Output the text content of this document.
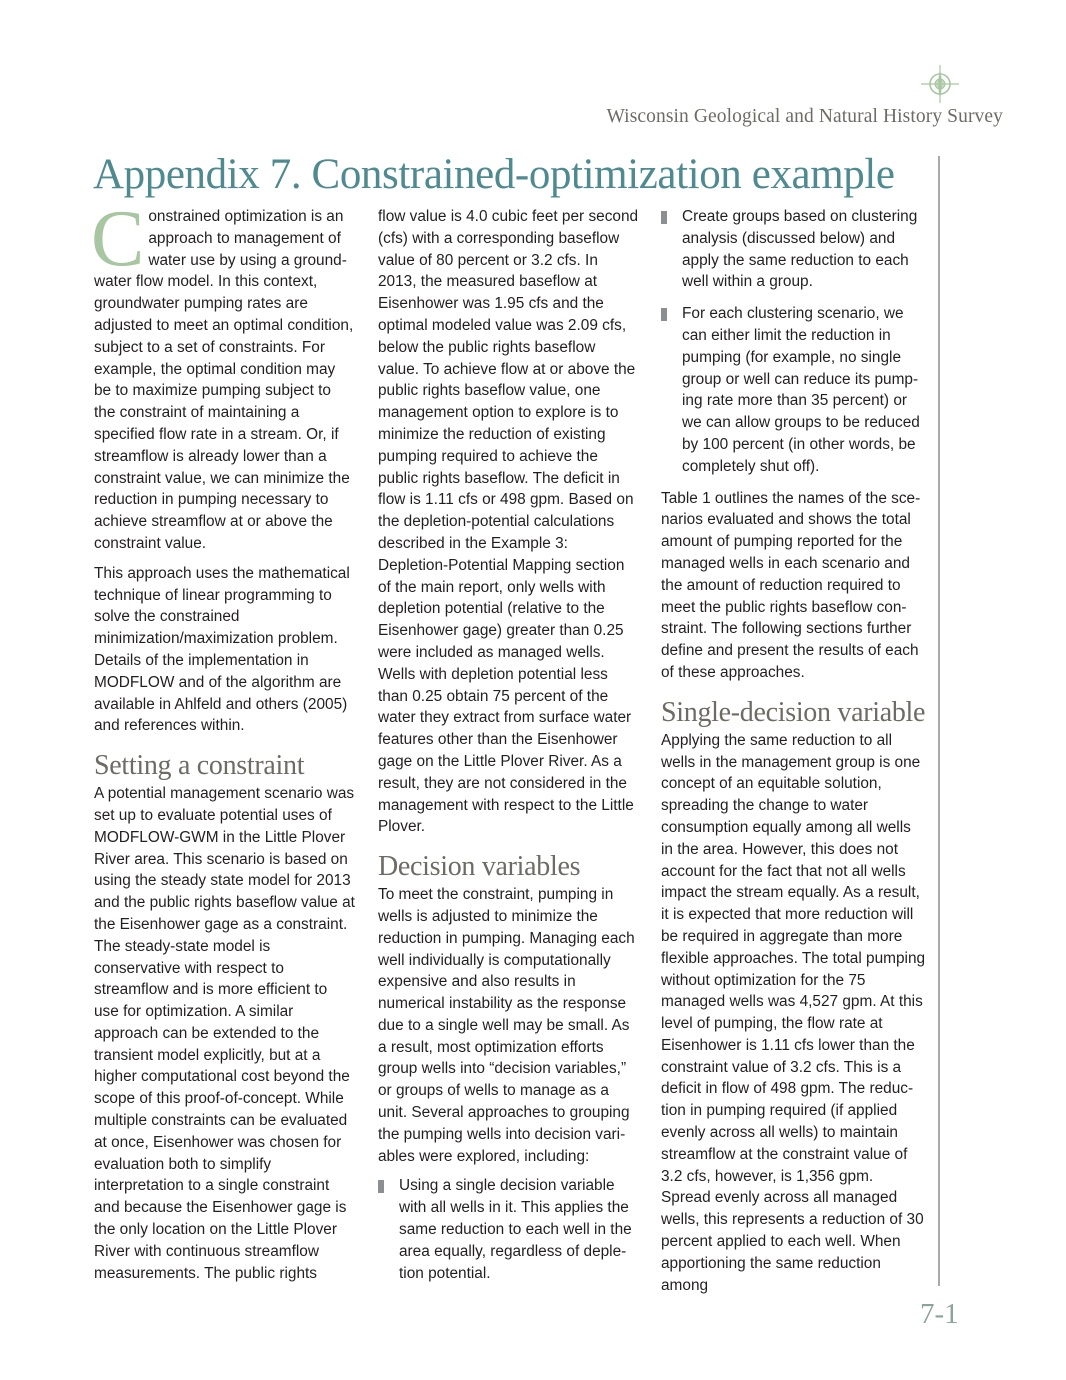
Wisconsin Geological and Natural History Survey
Appendix 7. Constrained-optimization example

Constrained optimization is an approach to management of water use by using a groundwater flow model. In this context, groundwater pumping rates are adjusted to meet an optimal condition, subject to a set of constraints. For example, the optimal condition may be to maximize pumping subject to the constraint of maintaining a specified flow rate in a stream. Or, if streamflow is already lower than a constraint value, we can minimize the reduction in pumping necessary to achieve streamflow at or above the constraint value.

This approach uses the mathematical technique of linear programming to solve the constrained minimization/maximization problem. Details of the implementation in MODFLOW and of the algorithm are available in Ahlfeld and others (2005) and references within.

Setting a constraint

A potential management scenario was set up to evaluate potential uses of MODFLOW-GWM in the Little Plover River area. This scenario is based on using the steady state model for 2013 and the public rights baseflow value at the Eisenhower gage as a constraint. The steady-state model is conservative with respect to streamflow and is more efficient to use for optimization. A similar approach can be extended to the transient model explicitly, but at a higher computational cost beyond the scope of this proof-of-concept. While multiple constraints can be evaluated at once, Eisenhower was chosen for evaluation both to simplify interpretation to a single constraint and because the Eisenhower gage is the only location on the Little Plover River with continuous streamflow measurements. The public rights

flow value is 4.0 cubic feet per second (cfs) with a corresponding baseflow value of 80 percent or 3.2 cfs. In 2013, the measured baseflow at Eisenhower was 1.95 cfs and the optimal modeled value was 2.09 cfs, below the public rights baseflow value. To achieve flow at or above the public rights baseflow value, one management option to explore is to minimize the reduction of existing pumping required to achieve the public rights baseflow. The deficit in flow is 1.11 cfs or 498 gpm. Based on the depletion-potential calculations described in the Example 3: Depletion-Potential Mapping section of the main report, only wells with depletion potential (relative to the Eisenhower gage) greater than 0.25 were included as managed wells. Wells with depletion potential less than 0.25 obtain 75 percent of the water they extract from surface water features other than the Eisenhower gage on the Little Plover River. As a result, they are not considered in the management with respect to the Little Plover.

Decision variables

To meet the constraint, pumping in wells is adjusted to minimize the reduction in pumping. Managing each well individually is computationally expensive and also results in numerical instability as the response due to a single well may be small. As a result, most optimization efforts group wells into “decision variables,” or groups of wells to manage as a unit. Several approaches to grouping the pumping wells into decision variables were explored, including:

Using a single decision variable with all wells in it. This applies the same reduction to each well in the area equally, regardless of depletion potential.
Create groups based on clustering analysis (discussed below) and apply the same reduction to each well within a group.
For each clustering scenario, we can either limit the reduction in pumping (for example, no single group or well can reduce its pumping rate more than 35 percent) or we can allow groups to be reduced by 100 percent (in other words, be completely shut off).

Table 1 outlines the names of the scenarios evaluated and shows the total amount of pumping reported for the managed wells in each scenario and the amount of reduction required to meet the public rights baseflow constraint. The following sections further define and present the results of each of these approaches.

Single-decision variable

Applying the same reduction to all wells in the management group is one concept of an equitable solution, spreading the change to water consumption equally among all wells in the area. However, this does not account for the fact that not all wells impact the stream equally. As a result, it is expected that more reduction will be required in aggregate than more flexible approaches. The total pumping without optimization for the 75 managed wells was 4,527 gpm. At this level of pumping, the flow rate at Eisenhower is 1.11 cfs lower than the constraint value of 3.2 cfs. This is a deficit in flow of 498 gpm. The reduction in pumping required (if applied evenly across all wells) to maintain streamflow at the constraint value of 3.2 cfs, however, is 1,356 gpm. Spread evenly across all managed wells, this represents a reduction of 30 percent applied to each well. When apportioning the same reduction among

7-1
